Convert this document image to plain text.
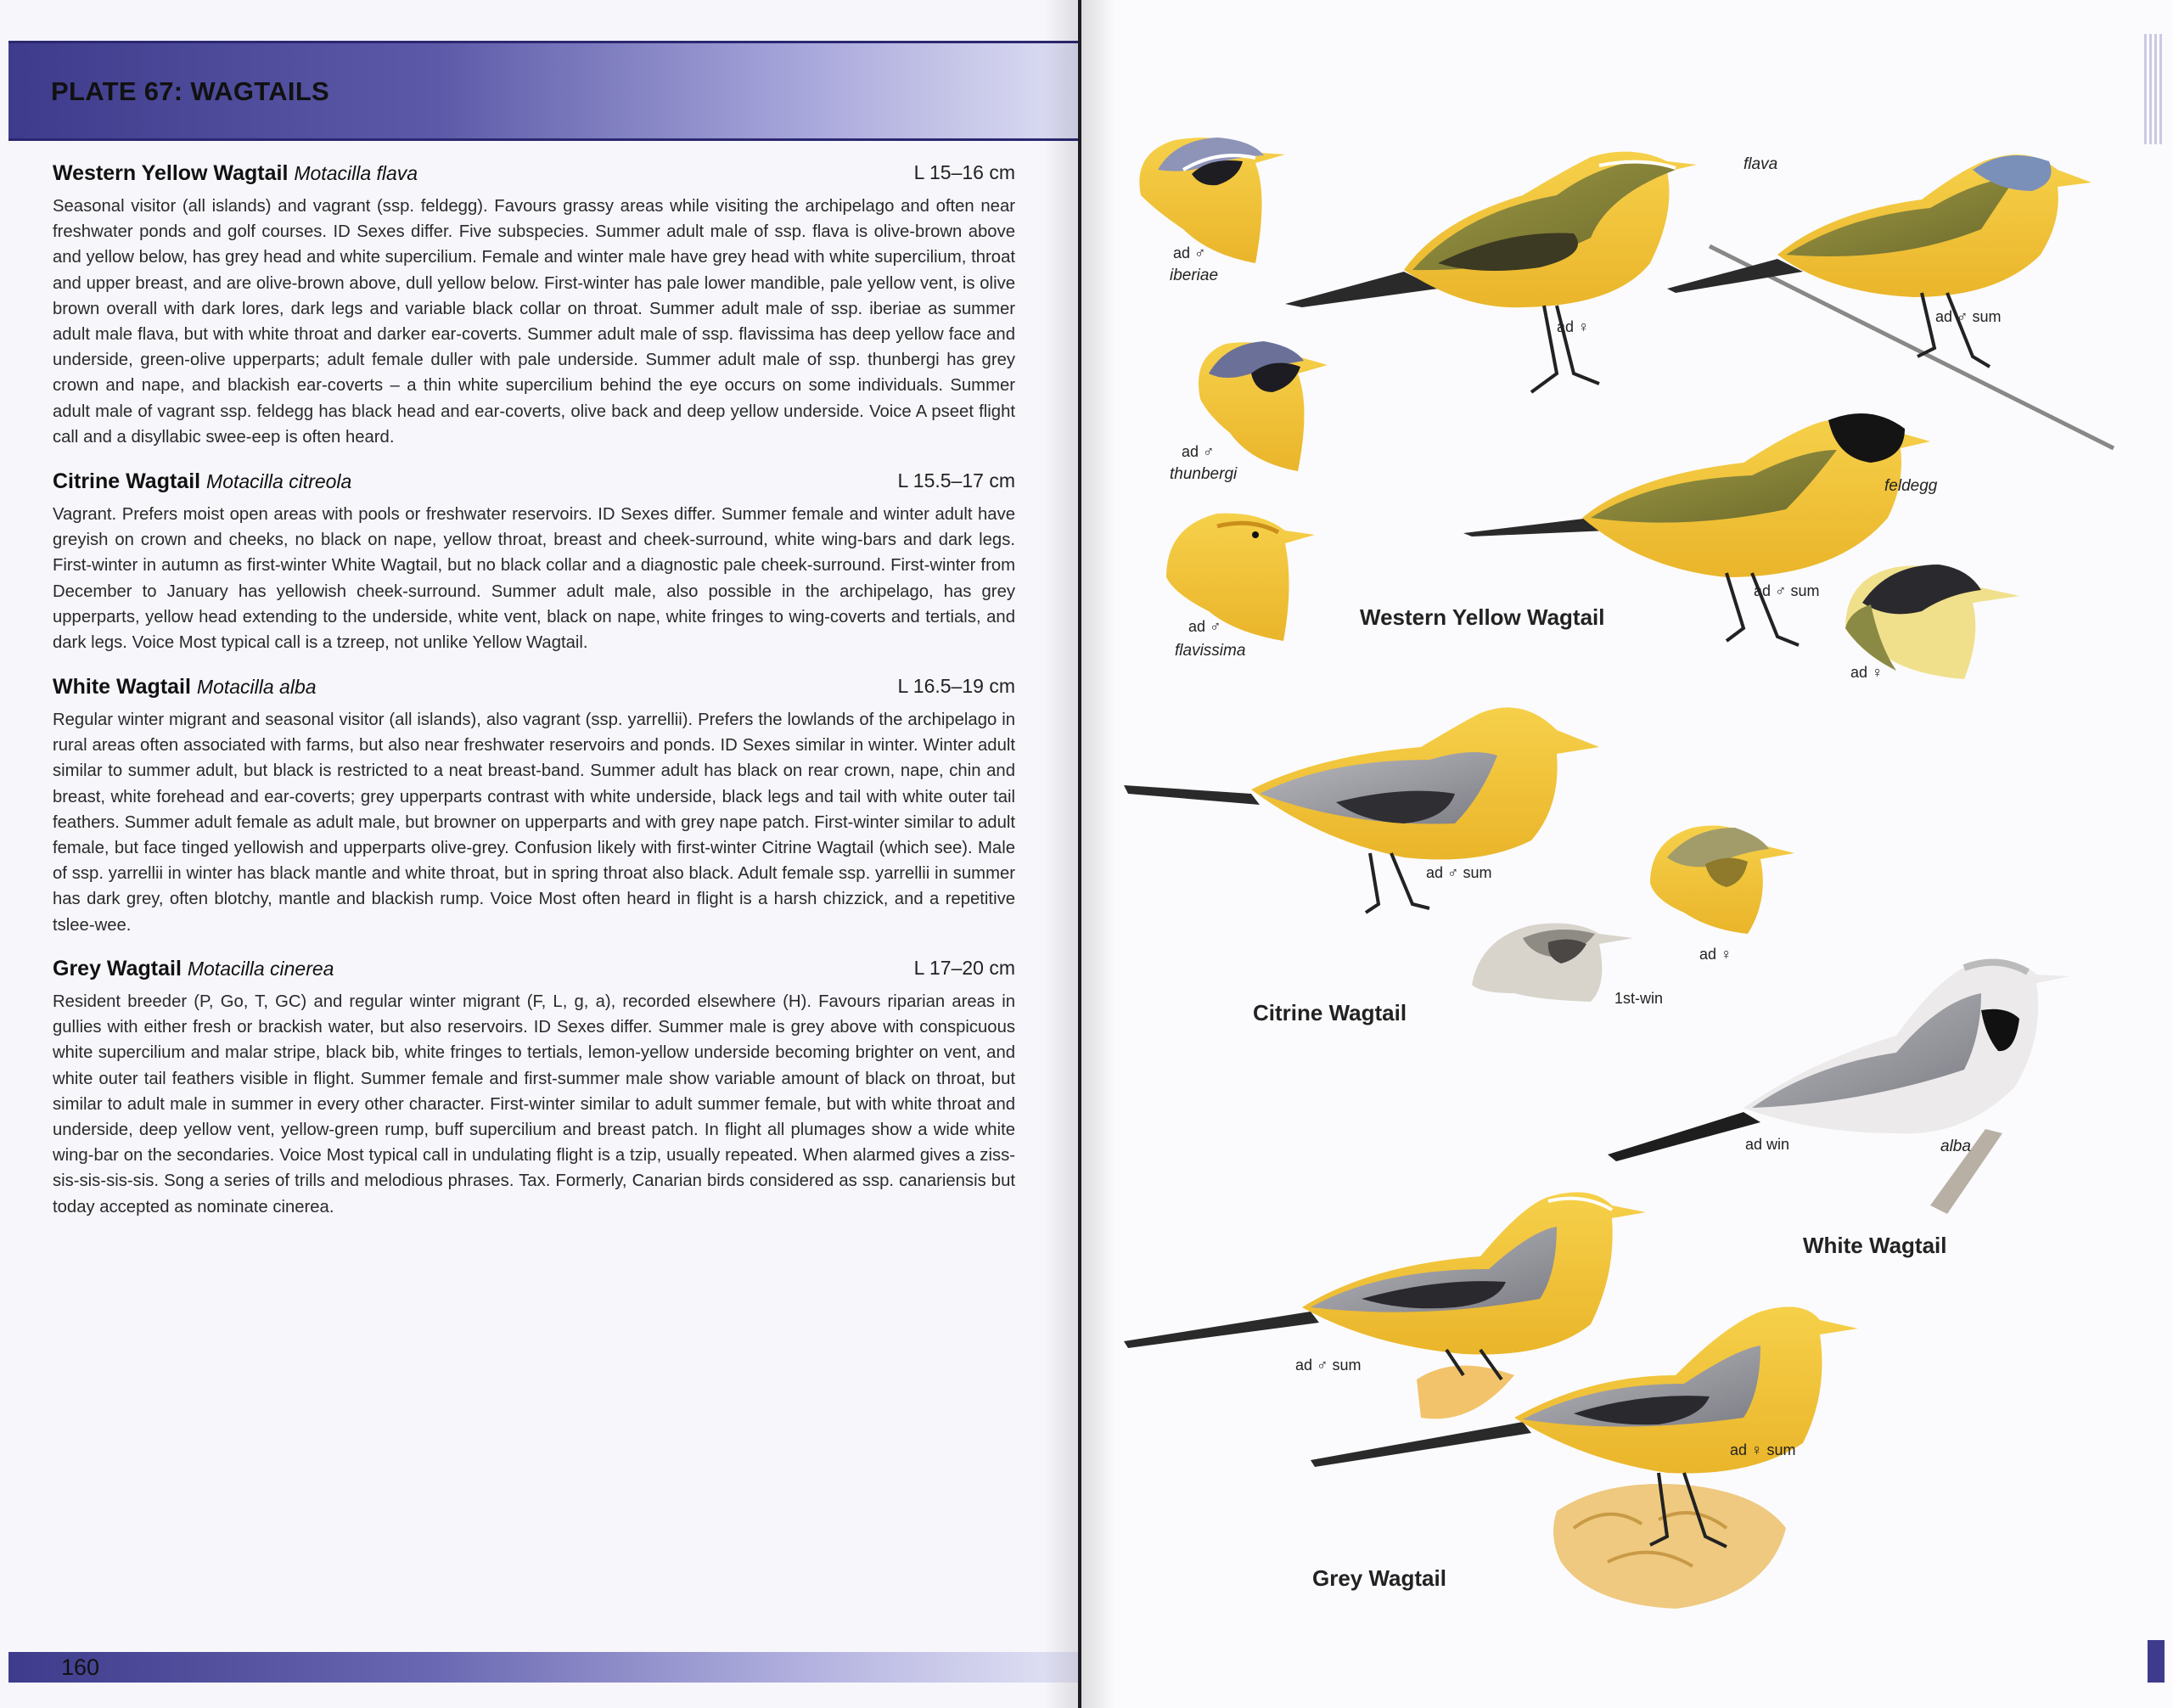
PLATE 67: WAGTAILS
Western Yellow Wagtail Motacilla flava	L 15–16 cm

Seasonal visitor (all islands) and vagrant (ssp. feldegg). Favours grassy areas while visiting the archipelago and often near freshwater ponds and golf courses. ID Sexes differ. Five subspecies. Summer adult male of ssp. flava is olive-brown above and yellow below, has grey head and white supercilium. Female and winter male have grey head with white supercilium, throat and upper breast, and are olive-brown above, dull yellow below. First-winter has pale lower mandible, pale yellow vent, is olive brown overall with dark lores, dark legs and variable black collar on throat. Summer adult male of ssp. iberiae as summer adult male flava, but with white throat and darker ear-coverts. Summer adult male of ssp. flavissima has deep yellow face and underside, green-olive upperparts; adult female duller with pale underside. Summer adult male of ssp. thunbergi has grey crown and nape, and blackish ear-coverts – a thin white supercilium behind the eye occurs on some individuals. Summer adult male of vagrant ssp. feldegg has black head and ear-coverts, olive back and deep yellow underside. Voice A pseet flight call and a disyllabic swee-eep is often heard.

Citrine Wagtail Motacilla citreola	L 15.5–17 cm

Vagrant. Prefers moist open areas with pools or freshwater reservoirs. ID Sexes differ. Summer female and winter adult have greyish on crown and cheeks, no black on nape, yellow throat, breast and cheek-surround, white wing-bars and dark legs. First-winter in autumn as first-winter White Wagtail, but no black collar and a diagnostic pale cheek-surround. First-winter from December to January has yellowish cheek-surround. Summer adult male, also possible in the archipelago, has grey upperparts, yellow head extending to the underside, white vent, black on nape, white fringes to wing-coverts and tertials, and dark legs. Voice Most typical call is a tzreep, not unlike Yellow Wagtail.

White Wagtail Motacilla alba	L 16.5–19 cm

Regular winter migrant and seasonal visitor (all islands), also vagrant (ssp. yarrellii). Prefers the lowlands of the archipelago in rural areas often associated with farms, but also near freshwater reservoirs and ponds. ID Sexes similar in winter. Winter adult similar to summer adult, but black is restricted to a neat breast-band. Summer adult has black on rear crown, nape, chin and breast, white forehead and ear-coverts; grey upperparts contrast with white underside, black legs and tail with white outer tail feathers. Summer adult female as adult male, but browner on upperparts and with grey nape patch. First-winter similar to adult female, but face tinged yellowish and upperparts olive-grey. Confusion likely with first-winter Citrine Wagtail (which see). Male of ssp. yarrellii in winter has black mantle and white throat, but in spring throat also black. Adult female ssp. yarrellii in summer has dark grey, often blotchy, mantle and blackish rump. Voice Most often heard in flight is a harsh chizzick, and a repetitive tslee-wee.

Grey Wagtail Motacilla cinerea	L 17–20 cm

Resident breeder (P, Go, T, GC) and regular winter migrant (F, L, g, a), recorded elsewhere (H). Favours riparian areas in gullies with either fresh or brackish water, but also reservoirs. ID Sexes differ. Summer male is grey above with conspicuous white supercilium and malar stripe, black bib, white fringes to tertials, lemon-yellow underside becoming brighter on vent, and white outer tail feathers visible in flight. Summer female and first-summer male show variable amount of black on throat, but similar to adult male in summer in every other character. First-winter similar to adult summer female, but with white throat and underside, deep yellow vent, yellow-green rump, buff supercilium and breast patch. In flight all plumages show a wide white wing-bar on the secondaries. Voice Most typical call in undulating flight is a tzip, usually repeated. When alarmed gives a ziss-sis-sis-sis-sis. Song a series of trills and melodious phrases. Tax. Formerly, Canarian birds considered as ssp. canariensis but today accepted as nominate cinerea.

160
ad ♂
iberiae
ad ♂
thunbergi
ad ♂
flavissima
flava
ad ♀
ad ♂ sum
feldegg
ad ♂ sum
ad ♀
Western Yellow Wagtail
ad ♂ sum
ad ♀
1st-win
Citrine Wagtail
ad win	alba
White Wagtail
ad ♂ sum
ad ♀ sum
Grey Wagtail
